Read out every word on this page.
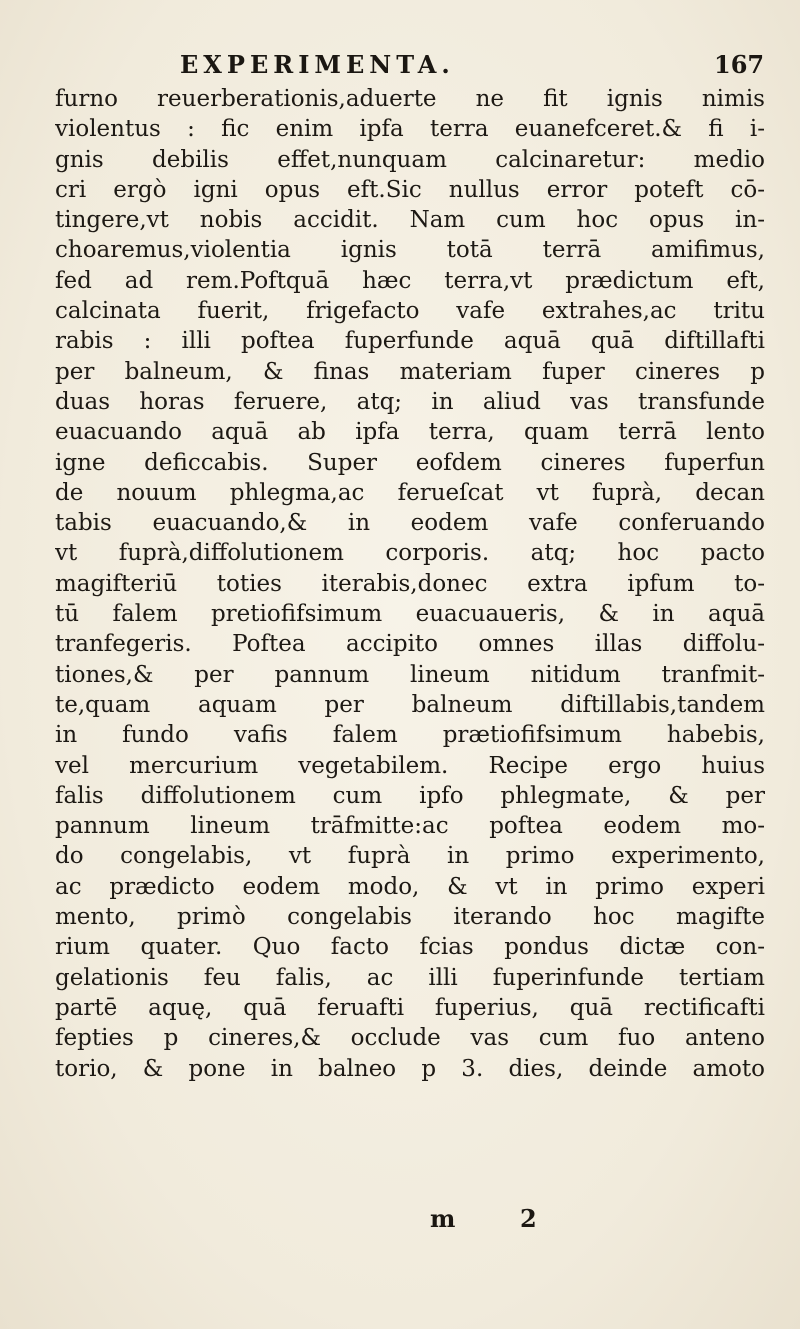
EXPERIMENTA.	167
furno reuerberationis,aduerte ne fit ignis nimis
violentus : fic enim ipfa terra euanefceret.& fi i-
gnis debilis effet,nunquam calcinaretur: medio
cri ergò igni opus eft.Sic nullus error poteft cō-
tingere,vt nobis accidit. Nam cum hoc opus in-
choaremus,violentia ignis totā terrā amifimus,
fed ad rem.Poftquā hæc terra,vt prædictum eft,
calcinata fuerit, frigefacto vafe extrahes,ac tritu
rabis : illi poftea fuperfunde aquā quā diftillafti
per balneum, & finas materiam fuper cineres p
duas horas feruere, atq; in aliud vas transfunde
euacuando aquā ab ipfa terra, quam terrā lento
igne deficcabis. Super eofdem cineres fuperfun
de nouum phlegma,ac ferueſcat vt fuprà, decan
tabis euacuando,& in eodem vafe conferuando
vt fuprà,diffolutionem corporis. atq; hoc pacto
magifteriū toties iterabis,donec extra ipfum to-
tū falem pretiofifsimum euacuaueris, & in aquā
tranfegeris. Poftea accipito omnes illas diffolu-
tiones,& per pannum lineum nitidum tranfmit-
te,quam aquam per balneum diftillabis,tandem
in fundo vafis falem prætiofifsimum habebis,
vel mercurium vegetabilem. Recipe ergo huius
falis diffolutionem cum ipfo phlegmate, & per
pannum lineum trāfmitte:ac poftea eodem mo-
do congelabis, vt fuprà in primo experimento,
ac prædicto eodem modo, & vt in primo experi
mento, primò congelabis iterando hoc magifte
rium quater. Quo facto fcias pondus dictæ con-
gelationis feu falis, ac illi fuperinfunde tertiam
partē aquę, quā feruafti fuperius, quā rectificafti
fepties p cineres,& occlude vas cum fuo anteno
torio, & pone in balneo p 3. dies, deinde amoto
m	2
